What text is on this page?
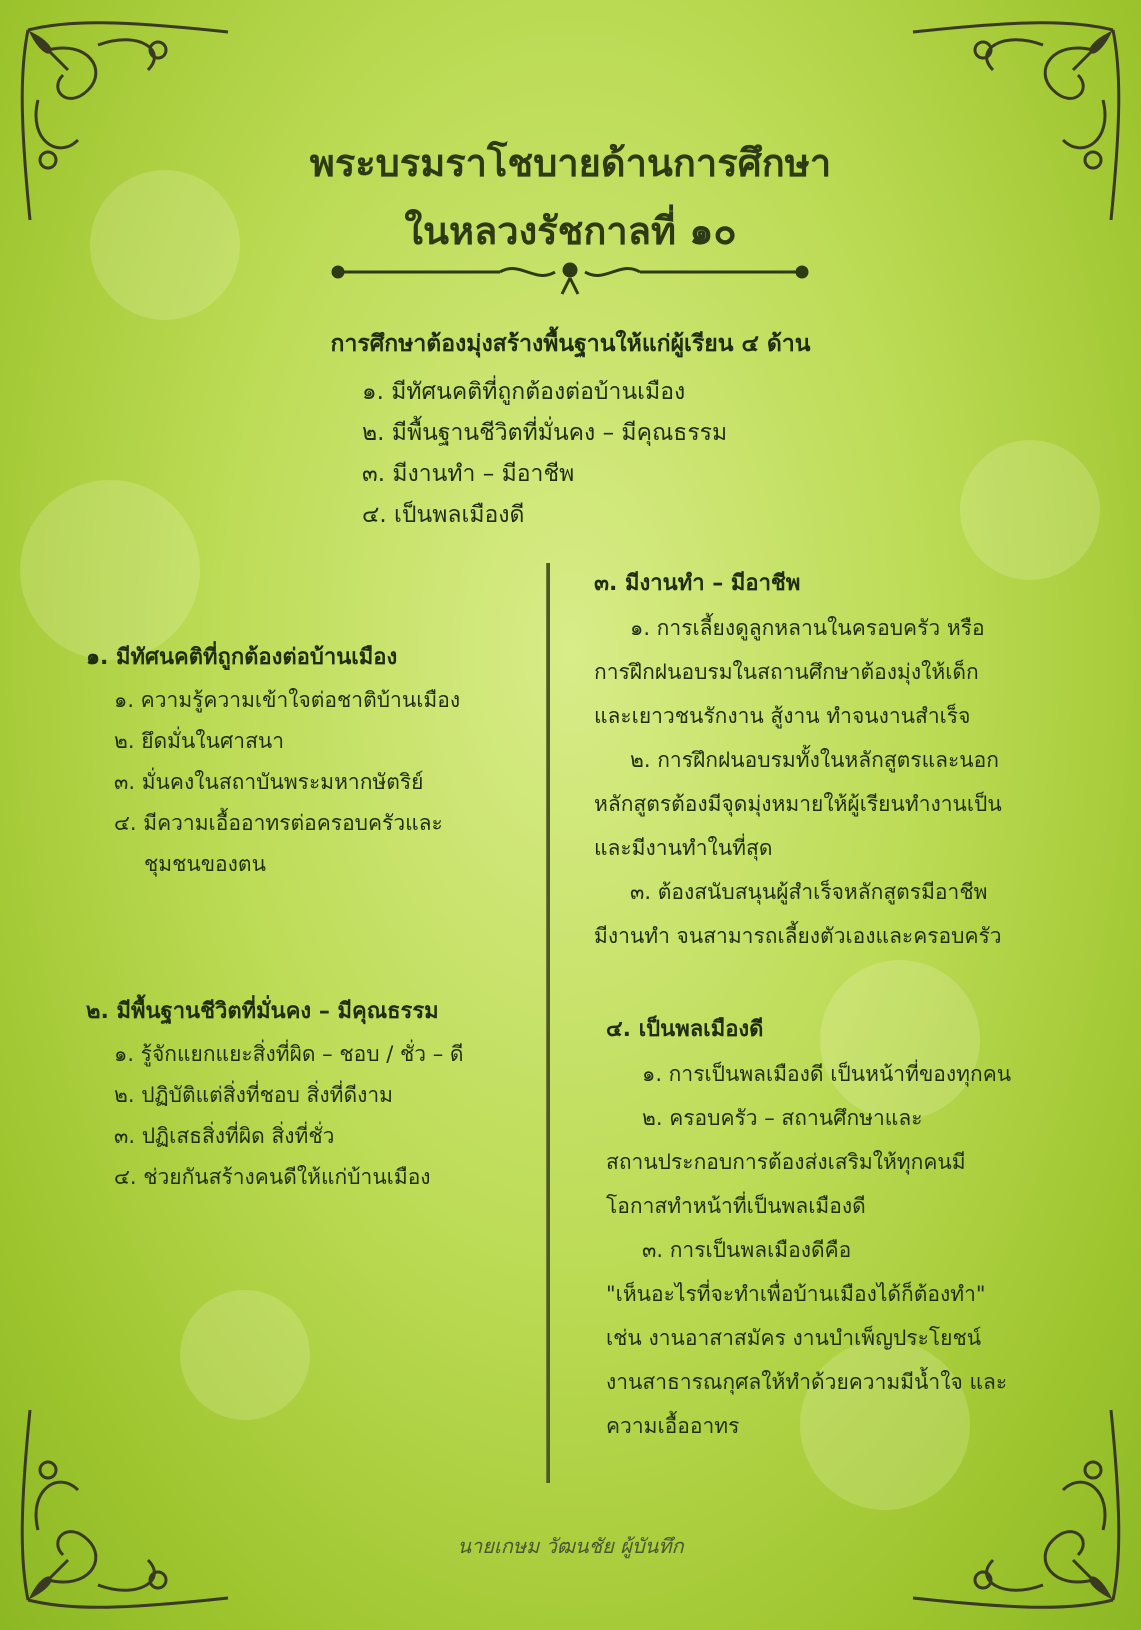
พระบรมราโชบายด้านการศึกษา
ในหลวงรัชกาลที่ ๑๐
การศึกษาต้องมุ่งสร้างพื้นฐานให้แก่ผู้เรียน ๔ ด้าน
๑. มีทัศนคติที่ถูกต้องต่อบ้านเมือง
๒. มีพื้นฐานชีวิตที่มั่นคง – มีคุณธรรม
๓. มีงานทำ – มีอาชีพ
๔. เป็นพลเมืองดี
๑. มีทัศนคติที่ถูกต้องต่อบ้านเมือง
๑. ความรู้ความเข้าใจต่อชาติบ้านเมือง
๒. ยึดมั่นในศาสนา
๓. มั่นคงในสถาบันพระมหากษัตริย์
๔. มีความเอื้ออาทรต่อครอบครัวและ
ชุมชนของตน
๒. มีพื้นฐานชีวิตที่มั่นคง – มีคุณธรรม
๑. รู้จักแยกแยะสิ่งที่ผิด – ชอบ / ชั่ว – ดี
๒. ปฏิบัติแต่สิ่งที่ชอบ สิ่งที่ดีงาม
๓. ปฏิเสธสิ่งที่ผิด สิ่งที่ชั่ว
๔. ช่วยกันสร้างคนดีให้แก่บ้านเมือง
๓. มีงานทำ – มีอาชีพ
๑. การเลี้ยงดูลูกหลานในครอบครัว หรือ
การฝึกฝนอบรมในสถานศึกษาต้องมุ่งให้เด็ก
และเยาวชนรักงาน สู้งาน ทำจนงานสำเร็จ
๒. การฝึกฝนอบรมทั้งในหลักสูตรและนอก
หลักสูตรต้องมีจุดมุ่งหมายให้ผู้เรียนทำงานเป็น
และมีงานทำในที่สุด
๓. ต้องสนับสนุนผู้สำเร็จหลักสูตรมีอาชีพ
มีงานทำ จนสามารถเลี้ยงตัวเองและครอบครัว
๔. เป็นพลเมืองดี
๑. การเป็นพลเมืองดี เป็นหน้าที่ของทุกคน
๒. ครอบครัว – สถานศึกษาและ
สถานประกอบการต้องส่งเสริมให้ทุกคนมี
โอกาสทำหน้าที่เป็นพลเมืองดี
๓. การเป็นพลเมืองดีคือ
"เห็นอะไรที่จะทำเพื่อบ้านเมืองได้ก็ต้องทำ"
เช่น งานอาสาสมัคร งานบำเพ็ญประโยชน์
งานสาธารณกุศลให้ทำด้วยความมีน้ำใจ และ
ความเอื้ออาทร
นายเกษม วัฒนชัย ผู้บันทึก
